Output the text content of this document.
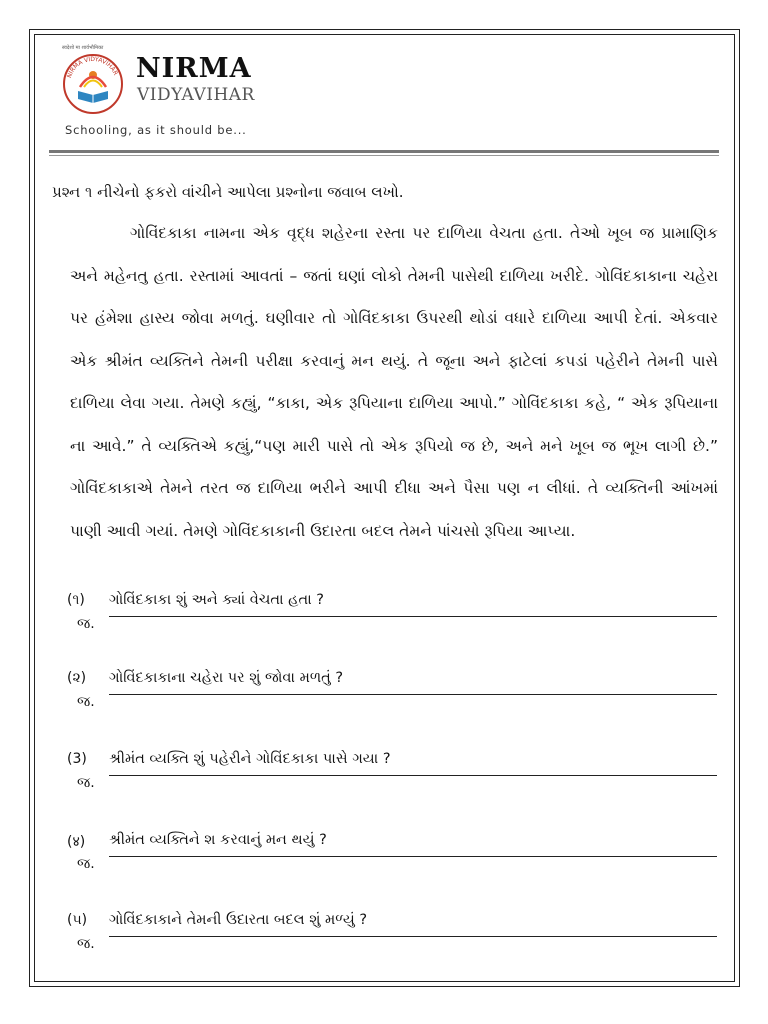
स्वदेशो मा शार्वभौमिका
NIRMA VIDYAVIHAR NIRMA
VIDYAVIHAR
Schooling, as it should be...
પ્રશ્ન ૧ નીચેનો ફકરો વાંચીને આપેલા પ્રશ્નોના જવાબ લખો.
ગોવિંદકાકા નામના એક વૃદ્ધ શહેરના રસ્તા પર દાળિયા વેચતા હતા. તેઓ ખૂબ જ પ્રામાણિક અને મહેનતુ હતા. રસ્તામાં આવતાં – જતાં ઘણાં લોકો તેમની પાસેથી દાળિયા ખરીદે. ગોવિંદકાકાના ચહેરા પર હંમેશા હાસ્ય જોવા મળતું. ઘણીવાર તો ગોવિંદકાકા ઉપરથી થોડાં વધારે દાળિયા આપી દેતાં. એકવાર એક શ્રીમંત વ્યક્તિને તેમની પરીક્ષા કરવાનું મન થયું. તે જૂના અને ફાટેલાં કપડાં પહેરીને તેમની પાસે દાળિયા લેવા ગયા. તેમણે કહ્યું, “કાકા, એક રૂપિયાના દાળિયા આપો.” ગોવિંદકાકા કહે, “ એક રૂપિયાના ના આવે.” તે વ્યક્તિએ કહ્યું,“પણ મારી પાસે તો એક રૂપિયો જ છે, અને મને ખૂબ જ ભૂખ લાગી છે.” ગોવિંદકાકાએ તેમને તરત જ દાળિયા ભરીને આપી દીધા અને પૈસા પણ ન લીધાં. તે વ્યક્તિની આંખમાં પાણી આવી ગયાં. તેમણે ગોવિંદકાકાની ઉદારતા બદલ તેમને પાંચસો રૂપિયા આપ્યા.
(૧) ગોવિંદકાકા શું અને ક્યાં વેચતા હતા ?
જ.
(૨) ગોવિંદકાકાના ચહેરા પર શું જોવા મળતું ?
જ.
(3) શ્રીમંત વ્યક્તિ શું પહેરીને ગોવિંદકાકા પાસે ગયા ?
જ.
(४) શ્રીમંત વ્યક્તિને શ કરવાનું મન થયું ?
જ.
(૫) ગોવિંદકાકાને તેમની ઉદારતા બદલ શું મળ્યું ?
જ.
